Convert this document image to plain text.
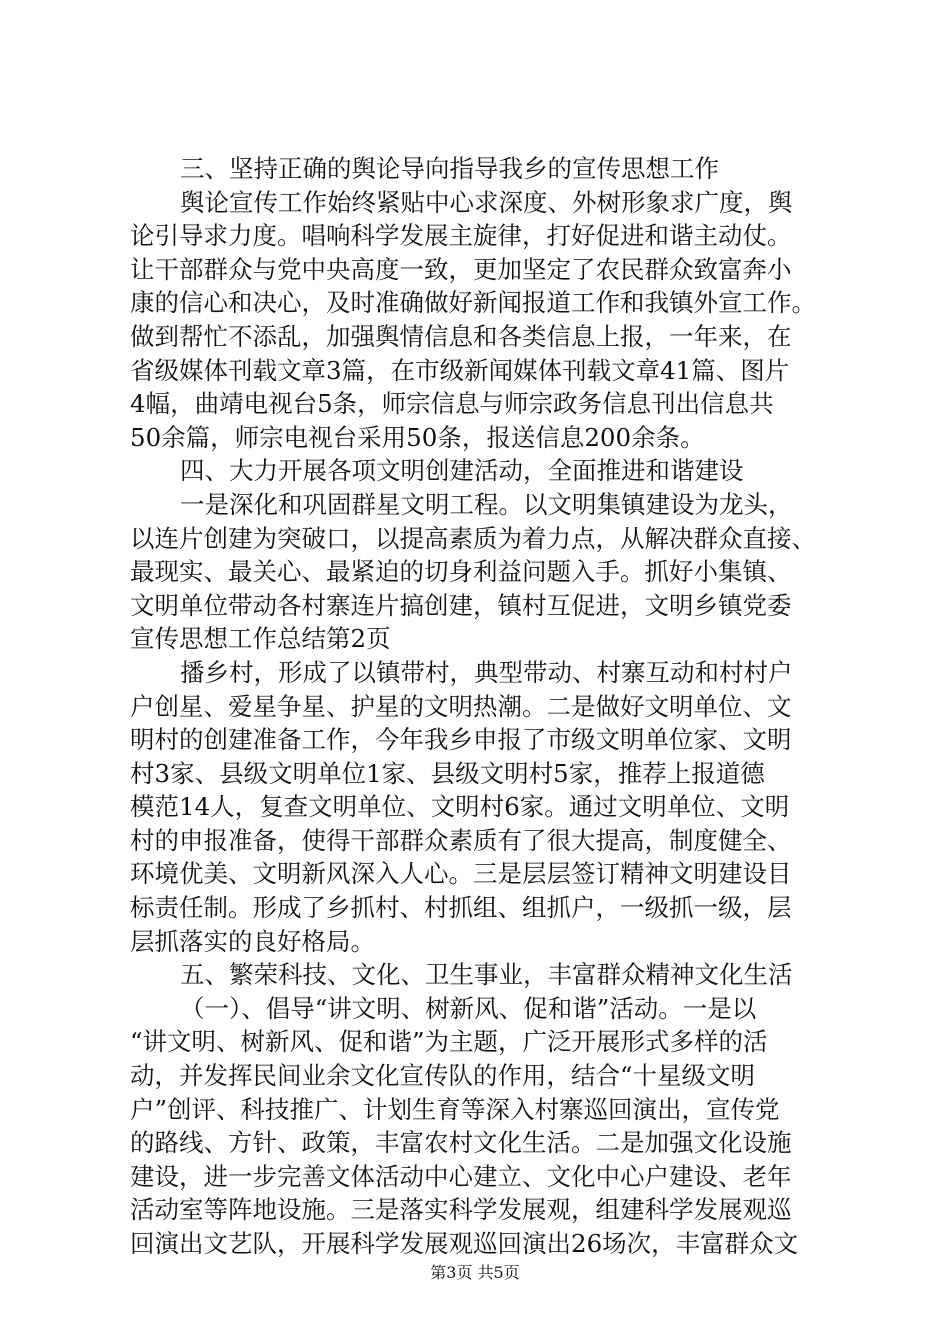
三、坚持正确的舆论导向指导我乡的宣传思想工作
舆论宣传工作始终紧贴中心求深度、外树形象求广度，舆
论引导求力度。唱响科学发展主旋律，打好促进和谐主动仗。
让干部群众与党中央高度一致，更加坚定了农民群众致富奔小
康的信心和决心，及时准确做好新闻报道工作和我镇外宣工作。
做到帮忙不添乱，加强舆情信息和各类信息上报，一年来，在
省级媒体刊载文章3篇，在市级新闻媒体刊载文章41篇、图片
4幅，曲靖电视台5条，师宗信息与师宗政务信息刊出信息共
50余篇，师宗电视台采用50条，报送信息200余条。
四、大力开展各项文明创建活动，全面推进和谐建设
一是深化和巩固群星文明工程。以文明集镇建设为龙头，
以连片创建为突破口，以提高素质为着力点，从解决群众直接、
最现实、最关心、最紧迫的切身利益问题入手。抓好小集镇、
文明单位带动各村寨连片搞创建，镇村互促进，文明乡镇党委
宣传思想工作总结第2页
播乡村，形成了以镇带村，典型带动、村寨互动和村村户
户创星、爱星争星、护星的文明热潮。二是做好文明单位、文
明村的创建准备工作，今年我乡申报了市级文明单位家、文明
村3家、县级文明单位1家、县级文明村5家，推荐上报道德
模范14人，复查文明单位、文明村6家。通过文明单位、文明
村的申报准备，使得干部群众素质有了很大提高，制度健全、
环境优美、文明新风深入人心。三是层层签订精神文明建设目
标责任制。形成了乡抓村、村抓组、组抓户，一级抓一级，层
层抓落实的良好格局。
五、繁荣科技、文化、卫生事业，丰富群众精神文化生活
（一）、倡导“讲文明、树新风、促和谐”活动。一是以
“讲文明、树新风、促和谐”为主题，广泛开展形式多样的活
动，并发挥民间业余文化宣传队的作用，结合“十星级文明
户”创评、科技推广、计划生育等深入村寨巡回演出，宣传党
的路线、方针、政策，丰富农村文化生活。二是加强文化设施
建设，进一步完善文体活动中心建立、文化中心户建设、老年
活动室等阵地设施。三是落实科学发展观，组建科学发展观巡
回演出文艺队，开展科学发展观巡回演出26场次，丰富群众文
第3页 共5页
